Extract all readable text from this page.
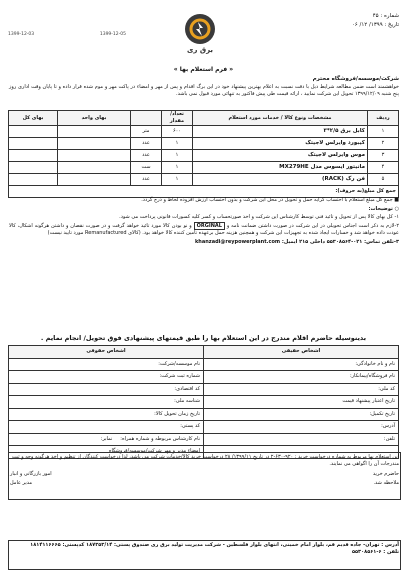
شماره : ۴۵
تاریخ : ۱۳۹۹/ ۱۲/ ۰۶
برق ری
1399-12-03	1399-12-05
« فرم استعلام بها »
شرکت/موسسه/فروشگاه محترم
خواهشمند است ضمن مطالعه شرایط ذیل با دقت نسبت به اعلام بهترین پیشنهاد خود در این برگ اقدام و پس از مهر و امضاء در پاکت مهر و موم شده قرار داده و تا پایان وقت اداری روز پنج شنبه ۱۳۹۹/۱۲/۰۹ تحویل این شرکت نمایید ، ارائه قیمت طی پیش فاکتور به تنهائی مورد قبول نمی باشد.
ردیف	مشخصات ونوع کالا / خدمات مورد استعلام	تعداد/مقدار		بهای واحد	بهای کل
۱	کابل برق ۲/۵*۳	۶۰۰	متر		
۲	کیبورد وایرلس لاجیتک	۱	عدد		
۳	موس وایرلس لاجیتک	۱	عدد		
۴	مانیتور ایسوس مدل MX279HE	۱	ست		
۵	فن رک (RACK)	۱	عدد		
جمع کل مبلغ(به حروف):					

■ جمع کل مبلغ استعلام با احتساب کرایه حمل و تحویل در محل این شرکت و بدون احتساب ارزش افزوده لحاظ و درج گردد.

○ توضیحات:

۱- کل بهای کالا پس از تحویل و تائید فنی توسط کارشناس این شرکت و اخذ صورتحساب و کسر کلیه کسورات قانونی پرداخت می شود.

۲-لازم به ذکر است اجناس تحویلی در این شرکت در صورت داشتن ضمانت نامه و ORGINAL و نو بودن کالا مورد تائید خواهد گرفت و در صورت نقصان و داشتن هرگونه اشکال، کالا عودت داده خواهد شد و خسارات ایجاد شده به تجهیزات این شرکت و همچنین هزینه حمل برعهده تأمین کننده کالا خواهد بود. (کالای Remanufactured مورد تایید نیست)

۳-تلفن تماس: ۰۲۱-۵۵۳۰۸۵۶۴ داخلی ۲۱۵ ایمیل: khanzadi@reypowerplant.com

بدینوسیله حاضرم اقلام مندرج در این استعلام بها را طبق قیمتهای پیشنهادی فوق تحویل/ انجام نمایم .
اشخاص حقیقی	اشخاص حقوقی
نام و نام خانوادگی:	نام موسسه/شرکت:
نام فروشگاه/پیمانکار:	شماره ثبت شرکت:
کد ملی:	کد اقتصادی:
تاریخ اعتبار پیشنهاد قیمت	شناسه ملی:
تاریخ تکمیل:	تاریخ زمان تحویل کالا:
آدرس:	کد پستی:
تلفن:	نام کارشناس مربوطه و شماره همراه:     نمابر:
	امضاء مدیر و مهر شرکت/موسسه/فروشگاه
این استعلام بها مربوط به شماره درخواست خرید : ۹۲۰-۶۳۰-۲ در تاریخ ۱۳۹۹/۱۱/ ۲۸ درخواست خرید کالا/خدمات شرکت می باشد، لذا درخواست کنندگان از تنظیم و اخذ هرگونه وجه و ثبت مندرجات آن را اگواهی می نمایند.
حاضرم خرید
امور بازرگانی و انبار
ملاحظه شد.
مدیر عامل
آدرس : تهران- جاده قدیم قم، بلوار امام خمینی، انتهای بلوار فلسطین - شرکت مدیریت تولید برق ری صندوق پستی: ۱۸۷۳۵۳/۱۴ کدپستی: ۱۸۱۴۱۱۶۶۶۵
تلفن : ۶-۵۵۳۰۸۵۶۱
